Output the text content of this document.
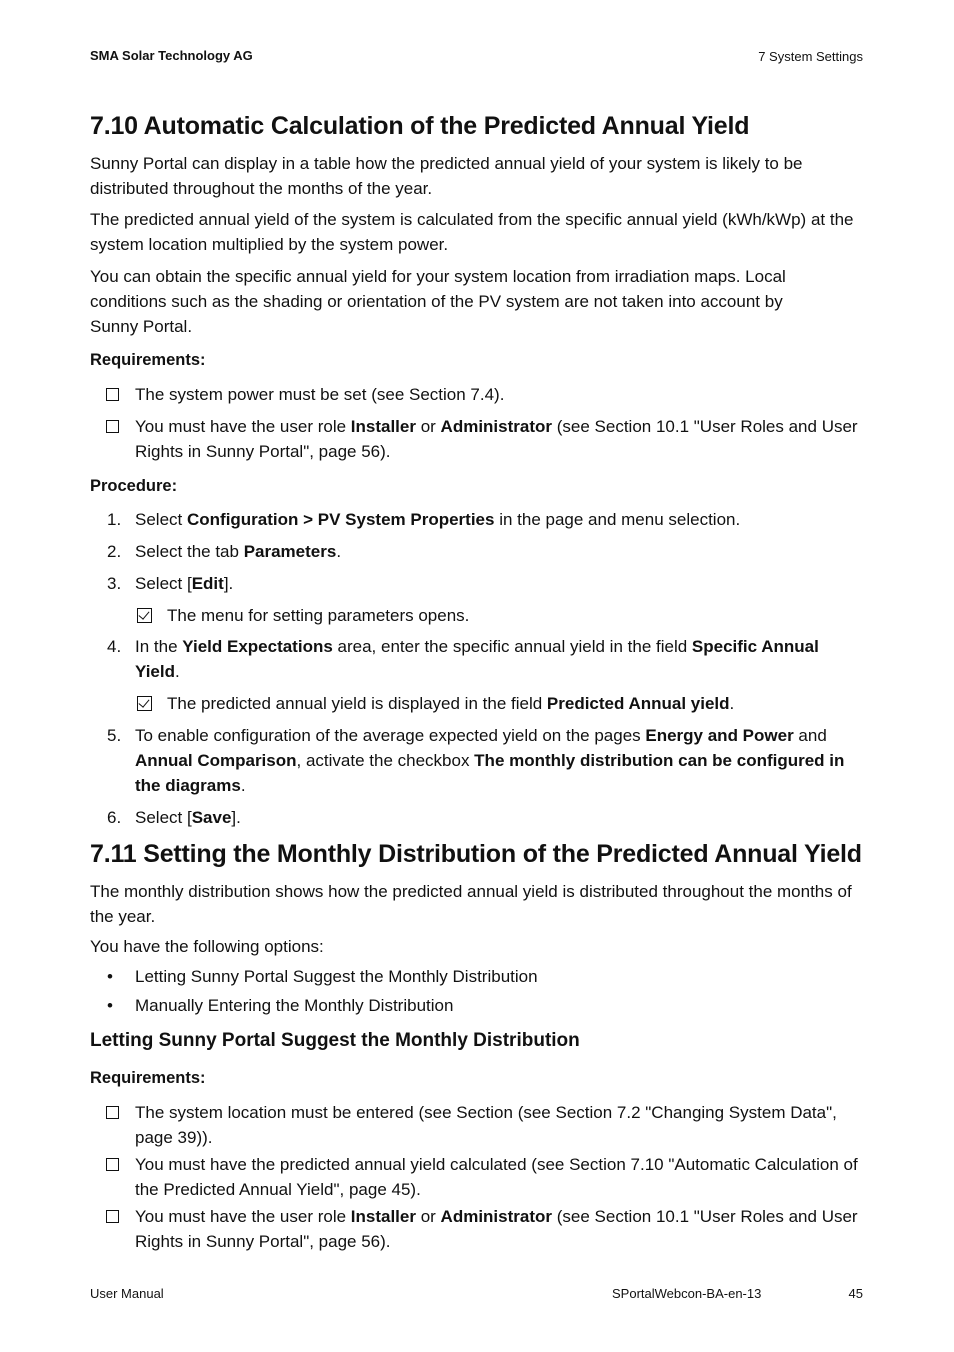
SMA Solar Technology AG	7 System Settings
7.10 Automatic Calculation of the Predicted Annual Yield
Sunny Portal can display in a table how the predicted annual yield of your system is likely to be distributed throughout the months of the year.
The predicted annual yield of the system is calculated from the specific annual yield (kWh/kWp) at the system location multiplied by the system power.
You can obtain the specific annual yield for your system location from irradiation maps. Local conditions such as the shading or orientation of the PV system are not taken into account by Sunny Portal.
Requirements:
The system power must be set (see Section 7.4).
You must have the user role Installer or Administrator (see Section 10.1 "User Roles and User Rights in Sunny Portal", page 56).
Procedure:
1. Select Configuration > PV System Properties in the page and menu selection.
2. Select the tab Parameters.
3. Select [Edit].
The menu for setting parameters opens.
4. In the Yield Expectations area, enter the specific annual yield in the field Specific Annual Yield.
The predicted annual yield is displayed in the field Predicted Annual yield.
5. To enable configuration of the average expected yield on the pages Energy and Power and Annual Comparison, activate the checkbox The monthly distribution can be configured in the diagrams.
6. Select [Save].
7.11 Setting the Monthly Distribution of the Predicted Annual Yield
The monthly distribution shows how the predicted annual yield is distributed throughout the months of the year.
You have the following options:
• Letting Sunny Portal Suggest the Monthly Distribution
• Manually Entering the Monthly Distribution
Letting Sunny Portal Suggest the Monthly Distribution
Requirements:
The system location must be entered (see Section (see Section 7.2 "Changing System Data", page 39)).
You must have the predicted annual yield calculated (see Section 7.10 "Automatic Calculation of the Predicted Annual Yield", page 45).
You must have the user role Installer or Administrator (see Section 10.1 "User Roles and User Rights in Sunny Portal", page 56).
User Manual	SPortalWebcon-BA-en-13	45
